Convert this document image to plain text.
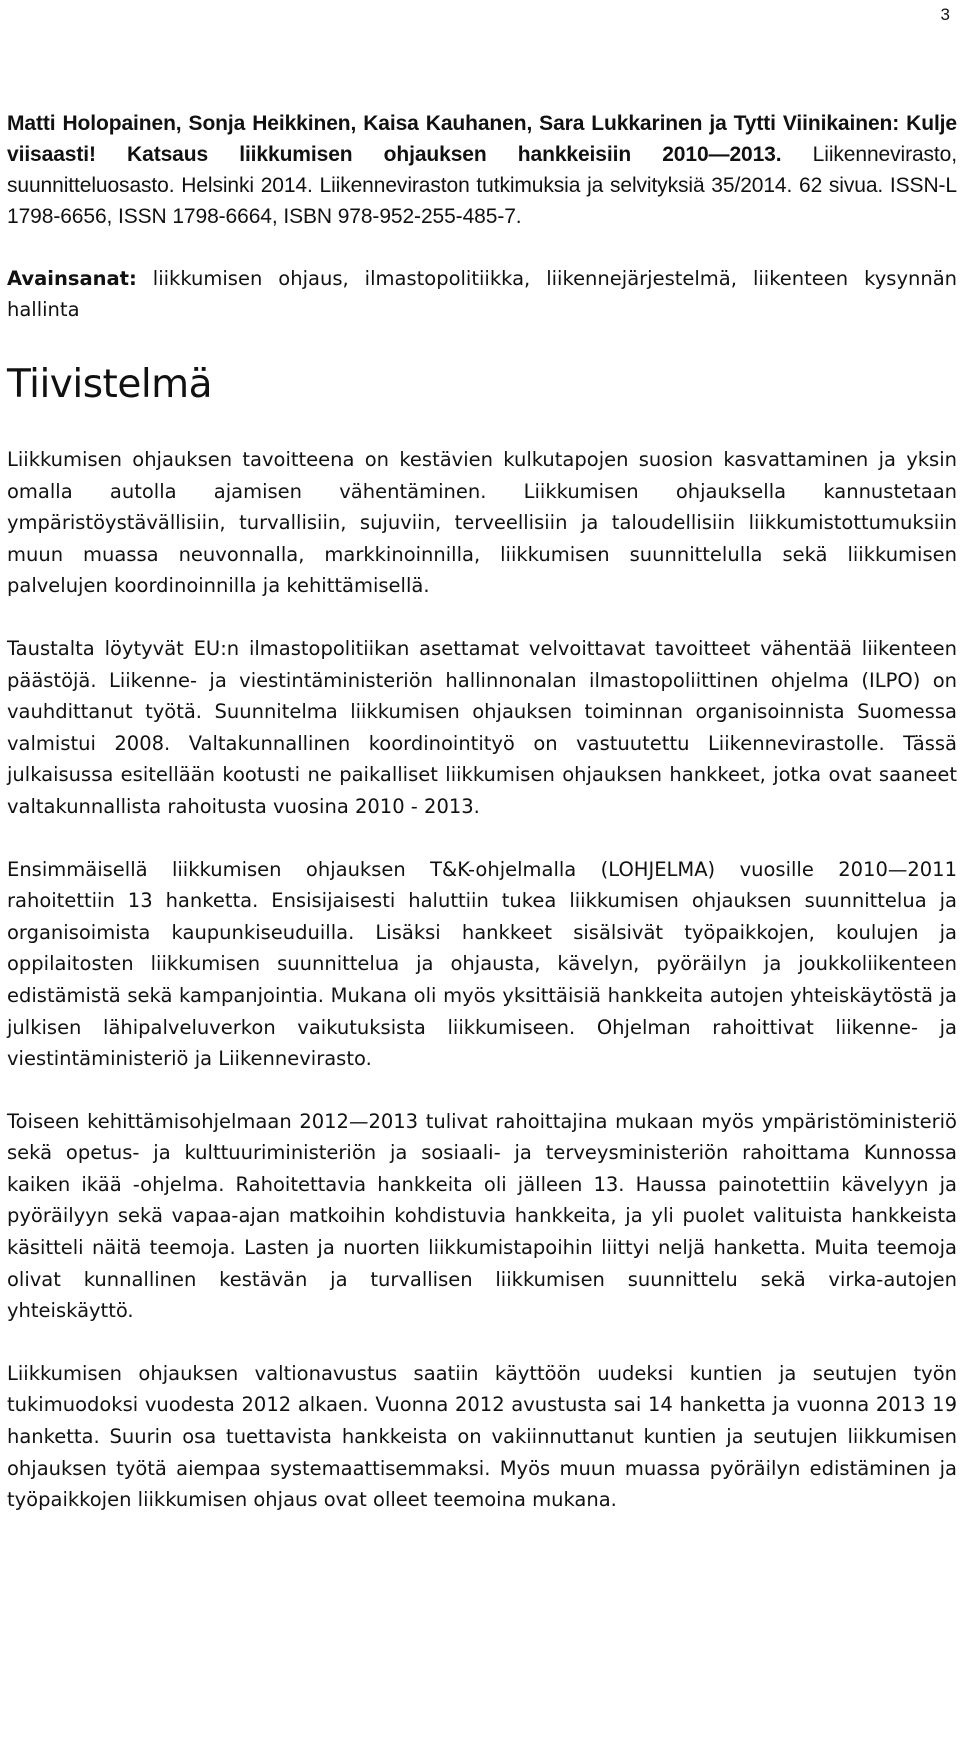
3

Matti Holopainen, Sonja Heikkinen, Kaisa Kauhanen, Sara Lukkarinen ja Tytti Viinikainen: Kulje viisaasti! Katsaus liikkumisen ohjauksen hankkeisiin 2010—2013. Liikennevirasto, suunnitteluosasto. Helsinki 2014. Liikenneviraston tutkimuksia ja selvityksiä 35/2014. 62 sivua. ISSN-L 1798-6656, ISSN 1798-6664, ISBN 978-952-255-485-7.

Avainsanat: liikkumisen ohjaus, ilmastopolitiikka, liikennejärjestelmä, liikenteen kysynnän hallinta

Tiivistelmä

Liikkumisen ohjauksen tavoitteena on kestävien kulkutapojen suosion kasvattaminen ja yksin omalla autolla ajamisen vähentäminen. Liikkumisen ohjauksella kannustetaan ympäristöystävällisiin, turvallisiin, sujuviin, terveellisiin ja taloudellisiin liikkumistottumuksiin muun muassa neuvonnalla, markkinoinnilla, liikkumisen suunnittelulla sekä liikkumisen palvelujen koordinoinnilla ja kehittämisellä.

Taustalta löytyvät EU:n ilmastopolitiikan asettamat velvoittavat tavoitteet vähentää liikenteen päästöjä. Liikenne- ja viestintäministeriön hallinnonalan ilmastopoliittinen ohjelma (ILPO) on vauhdittanut työtä. Suunnitelma liikkumisen ohjauksen toiminnan organisoinnista Suomessa valmistui 2008. Valtakunnallinen koordinointityö on vastuutettu Liikennevirastolle. Tässä julkaisussa esitellään kootusti ne paikalliset liikkumisen ohjauksen hankkeet, jotka ovat saaneet valtakunnallista rahoitusta vuosina 2010 - 2013.

Ensimmäisellä liikkumisen ohjauksen T&K-ohjelmalla (LOHJELMA) vuosille 2010—2011 rahoitettiin 13 hanketta. Ensisijaisesti haluttiin tukea liikkumisen ohjauksen suunnittelua ja organisoimista kaupunkiseuduilla. Lisäksi hankkeet sisälsivät työpaikkojen, koulujen ja oppilaitosten liikkumisen suunnittelua ja ohjausta, kävelyn, pyöräilyn ja joukkoliikenteen edistämistä sekä kampanjointia. Mukana oli myös yksittäisiä hankkeita autojen yhteiskäytöstä ja julkisen lähipalveluverkon vaikutuksista liikkumiseen. Ohjelman rahoittivat liikenne- ja viestintäministeriö ja Liikennevirasto.

Toiseen kehittämisohjelmaan 2012—2013 tulivat rahoittajina mukaan myös ympäristöministeriö sekä opetus- ja kulttuuriministeriön ja sosiaali- ja terveysministeriön rahoittama Kunnossa kaiken ikää -ohjelma. Rahoitettavia hankkeita oli jälleen 13. Haussa painotettiin kävelyyn ja pyöräilyyn sekä vapaa-ajan matkoihin kohdistuvia hankkeita, ja yli puolet valituista hankkeista käsitteli näitä teemoja. Lasten ja nuorten liikkumistapoihin liittyi neljä hanketta. Muita teemoja olivat kunnallinen kestävän ja turvallisen liikkumisen suunnittelu sekä virka-autojen yhteiskäyttö.

Liikkumisen ohjauksen valtionavustus saatiin käyttöön uudeksi kuntien ja seutujen työn tukimuodoksi vuodesta 2012 alkaen. Vuonna 2012 avustusta sai 14 hanketta ja vuonna 2013 19 hanketta. Suurin osa tuettavista hankkeista on vakiinnuttanut kuntien ja seutujen liikkumisen ohjauksen työtä aiempaa systemaattisemmaksi. Myös muun muassa pyöräilyn edistäminen ja työpaikkojen liikkumisen ohjaus ovat olleet teemoina mukana.
